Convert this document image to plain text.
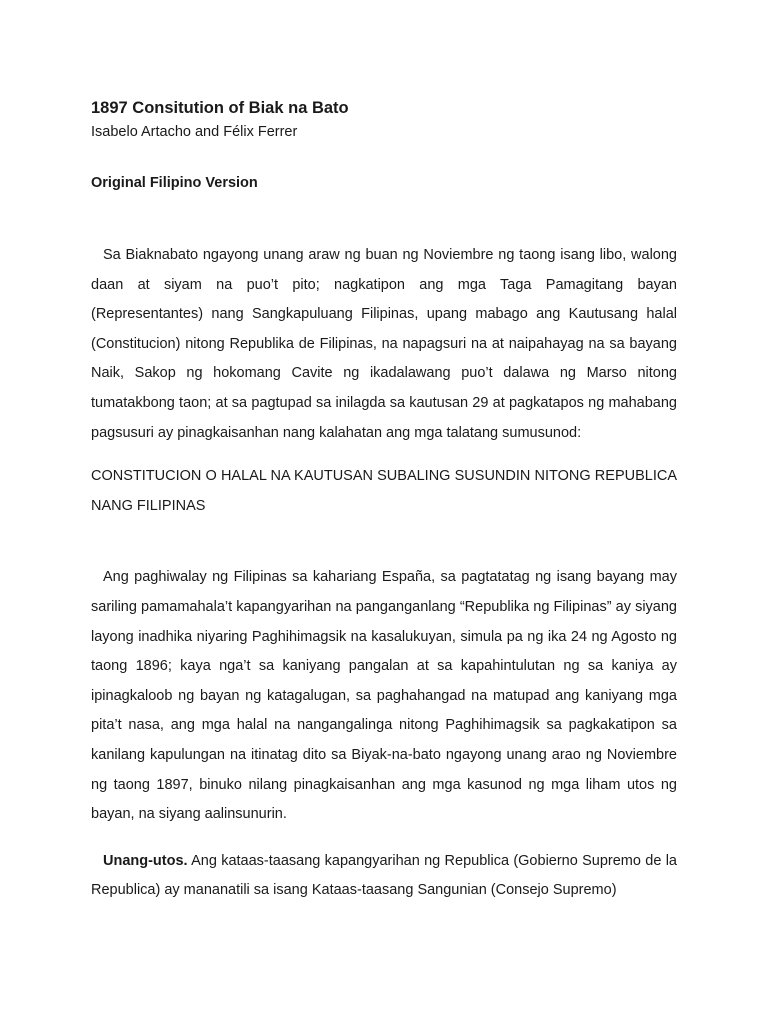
1897 Consitution of Biak na Bato

Isabelo Artacho and Félix Ferrer

Original Filipino Version

Sa Biaknabato ngayong unang araw ng buan ng Noviembre ng taong isang libo, walong daan at siyam na puo’t pito; nagkatipon ang mga Taga Pamagitang bayan (Representantes) nang Sangkapuluang Filipinas, upang mabago ang Kautusang halal (Constitucion) nitong Republika de Filipinas, na napagsuri na at naipahayag na sa bayang Naik, Sakop ng hokomang Cavite ng ikadalawang puo’t dalawa ng Marso nitong tumatakbong taon; at sa pagtupad sa inilagda sa kautusan 29 at pagkatapos ng mahabang pagsusuri ay pinagkaisanhan nang kalahatan ang mga talatang sumusunod:

CONSTITUCION O HALAL NA KAUTUSAN SUBALING SUSUNDIN NITONG REPUBLICA NANG FILIPINAS

Ang paghiwalay ng Filipinas sa kahariang España, sa pagtatatag ng isang bayang may sariling pamamahala’t kapangyarihan na panganganlang “Republika ng Filipinas” ay siyang layong inadhika niyaring Paghihimagsik na kasalukuyan, simula pa ng ika 24 ng Agosto ng taong 1896; kaya nga’t sa kaniyang pangalan at sa kapahintulutan ng sa kaniya ay ipinagkaloob ng bayan ng katagalugan, sa paghahangad na matupad ang kaniyang mga pita’t nasa, ang mga halal na nangangalinga nitong Paghihimagsik sa pagkakatipon sa kanilang kapulungan na itinatag dito sa Biyak-na-bato ngayong unang arao ng Noviembre ng taong 1897, binuko nilang pinagkaisanhan ang mga kasunod ng mga liham utos ng bayan, na siyang aalinsunurin.

Unang-utos. Ang kataas-taasang kapangyarihan ng Republica (Gobierno Supremo de la Republica) ay mananatili sa isang Kataas-taasang Sangunian (Consejo Supremo)
